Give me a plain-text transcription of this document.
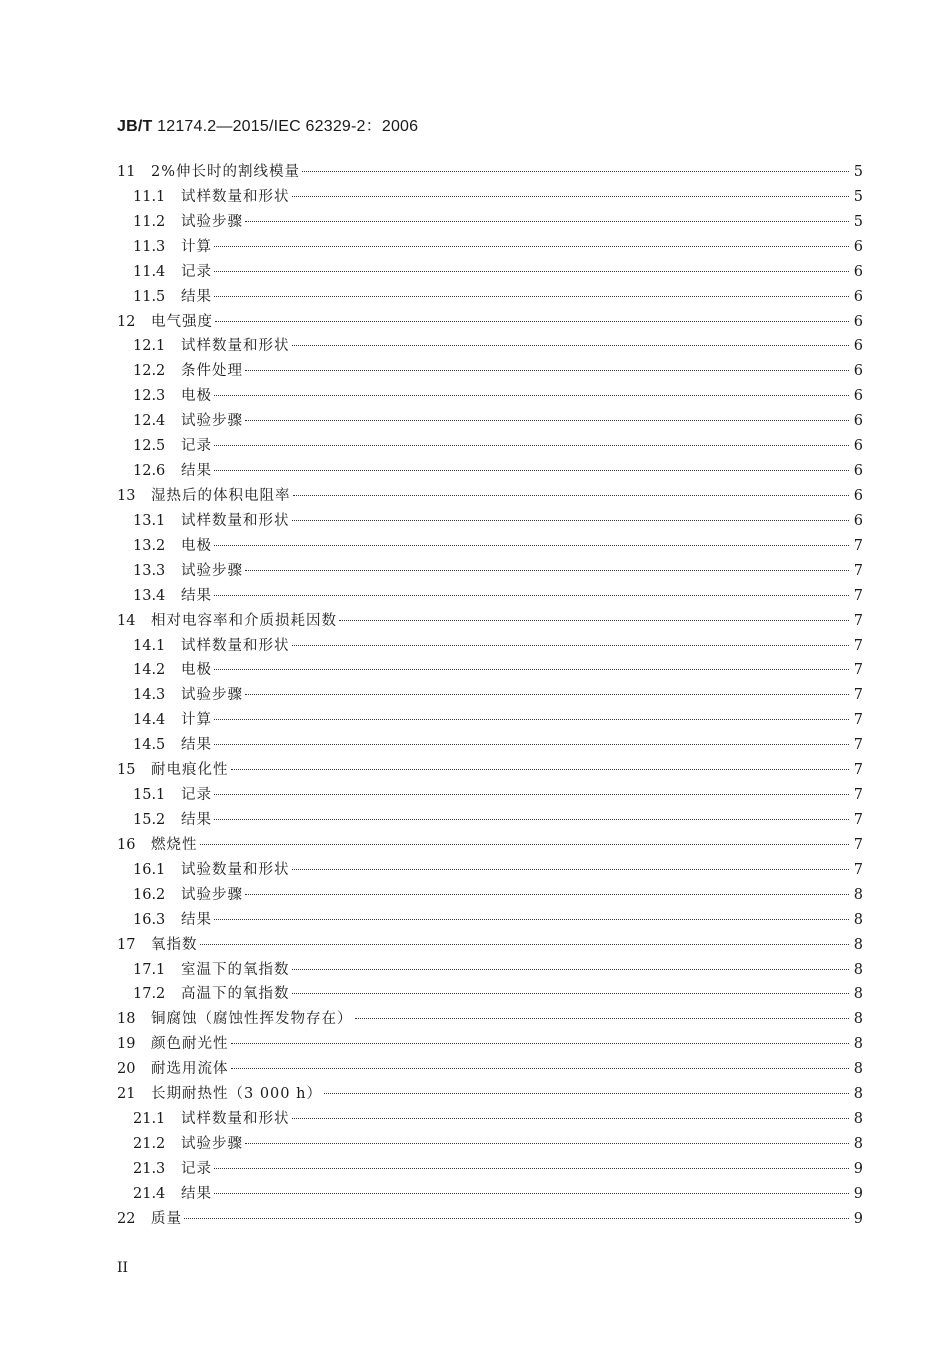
JB/T 12174.2—2015/IEC 62329-2：2006
11	2%伸长时的割线模量	5
11.1	试样数量和形状	5
11.2	试验步骤	5
11.3	计算	6
11.4	记录	6
11.5	结果	6
12	电气强度	6
12.1	试样数量和形状	6
12.2	条件处理	6
12.3	电极	6
12.4	试验步骤	6
12.5	记录	6
12.6	结果	6
13	湿热后的体积电阻率	6
13.1	试样数量和形状	6
13.2	电极	7
13.3	试验步骤	7
13.4	结果	7
14	相对电容率和介质损耗因数	7
14.1	试样数量和形状	7
14.2	电极	7
14.3	试验步骤	7
14.4	计算	7
14.5	结果	7
15	耐电痕化性	7
15.1	记录	7
15.2	结果	7
16	燃烧性	7
16.1	试验数量和形状	7
16.2	试验步骤	8
16.3	结果	8
17	氧指数	8
17.1	室温下的氧指数	8
17.2	高温下的氧指数	8
18	铜腐蚀（腐蚀性挥发物存在）	8
19	颜色耐光性	8
20	耐选用流体	8
21	长期耐热性（3 000 h）	8
21.1	试样数量和形状	8
21.2	试验步骤	8
21.3	记录	9
21.4	结果	9
22	质量	9
II
